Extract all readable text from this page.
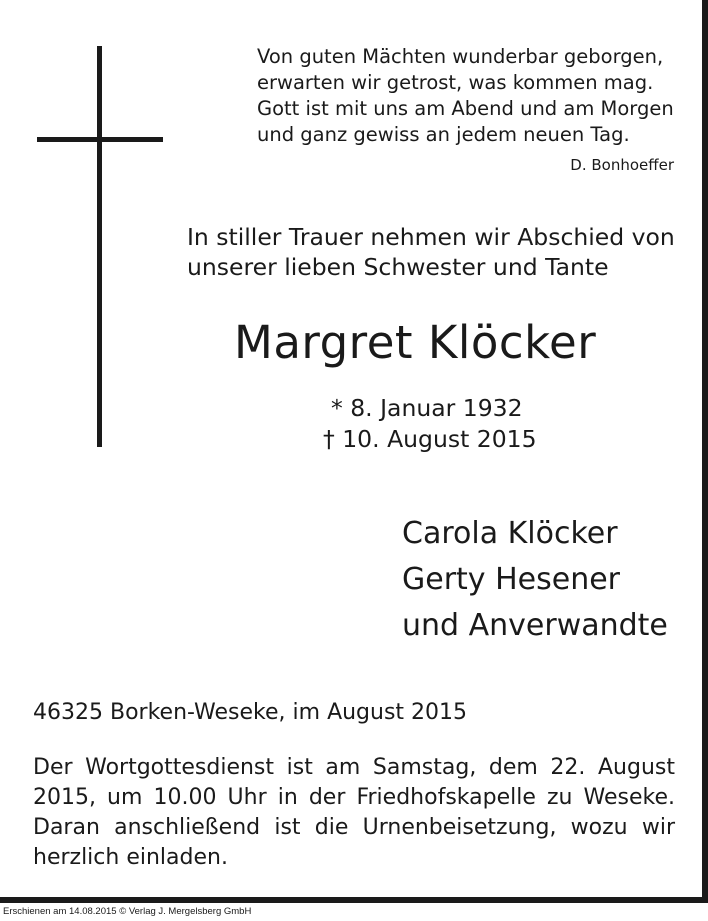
Von guten Mächten wunderbar geborgen,
erwarten wir getrost, was kommen mag.
Gott ist mit uns am Abend und am Morgen
und ganz gewiss an jedem neuen Tag.
D. Bonhoeffer
In stiller Trauer nehmen wir Abschied von
unserer lieben Schwester und Tante
Margret Klöcker
* 8. Januar 1932
† 10. August 2015
Carola Klöcker
Gerty Hesener
und Anverwandte
46325 Borken-Weseke, im August 2015
Der Wortgottesdienst ist am Samstag, dem 22. August
2015, um 10.00 Uhr in der Friedhofskapelle zu Weseke.
Daran anschließend ist die Urnenbeisetzung, wozu wir
herzlich einladen.
Erschienen am 14.08.2015 © Verlag J. Mergelsberg GmbH
